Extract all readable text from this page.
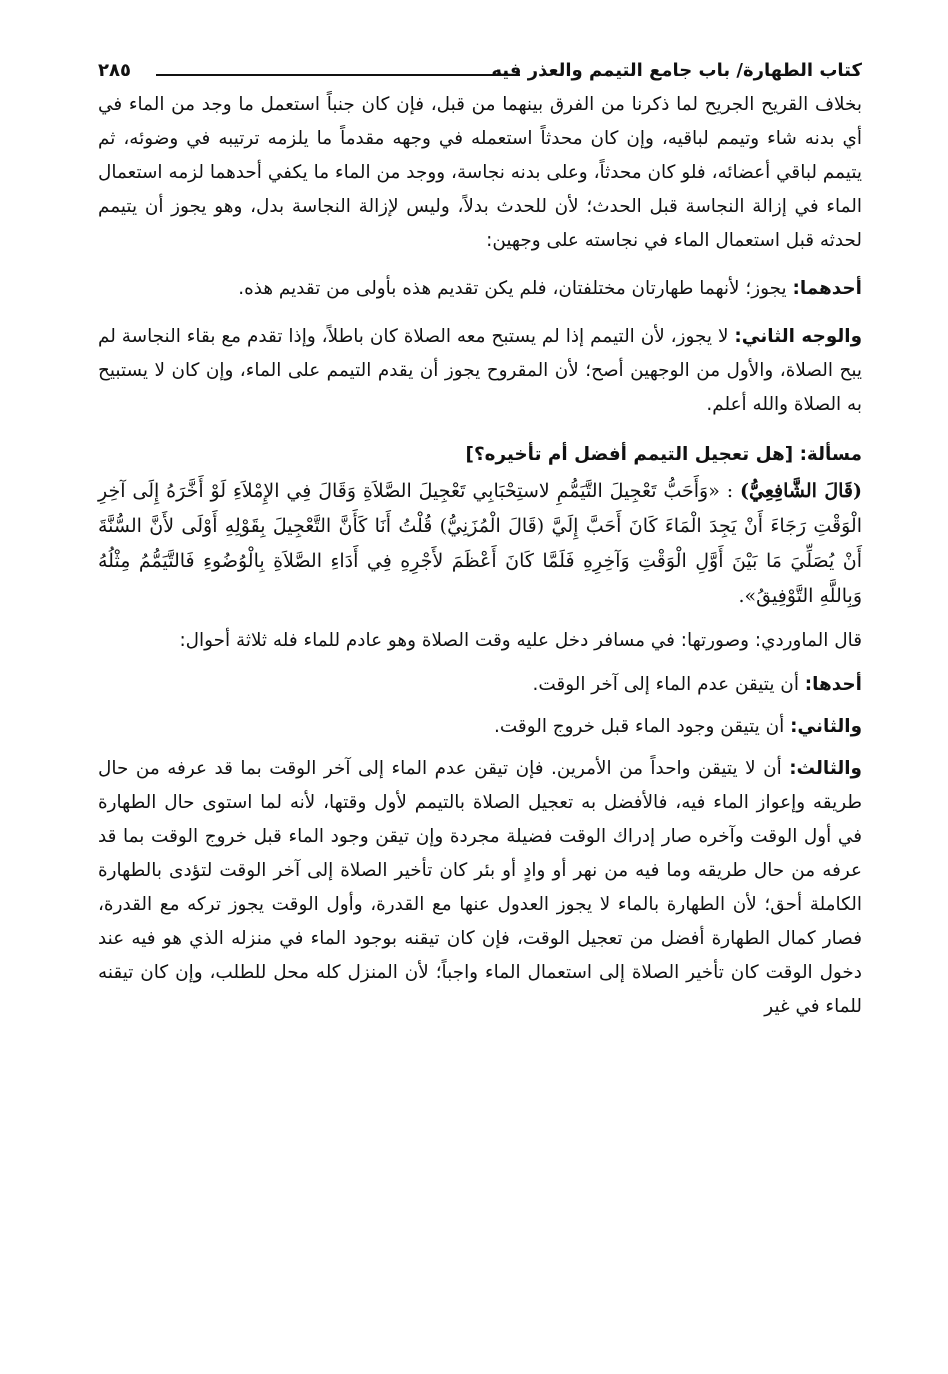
كتاب الطهارة/ باب جامع التيمم والعذر فيه
٢٨٥

بخلاف القريح الجريح لما ذكرنا من الفرق بينهما من قبل، فإن كان جنباً استعمل ما وجد من الماء في أي بدنه شاء وتيمم لباقيه، وإن كان محدثاً استعمله في وجهه مقدماً ما يلزمه ترتيبه في وضوئه، ثم يتيمم لباقي أعضائه، فلو كان محدثاً، وعلى بدنه نجاسة، ووجد من الماء ما يكفي أحدهما لزمه استعمال الماء في إزالة النجاسة قبل الحدث؛ لأن للحدث بدلاً، وليس لإزالة النجاسة بدل، وهو يجوز أن يتيمم لحدثه قبل استعمال الماء في نجاسته على وجهين:

أحدهما: يجوز؛ لأنهما طهارتان مختلفتان، فلم يكن تقديم هذه بأولى من تقديم هذه.

والوجه الثاني: لا يجوز، لأن التيمم إذا لم يستبح معه الصلاة كان باطلاً، وإذا تقدم مع بقاء النجاسة لم يبح الصلاة، والأول من الوجهين أصح؛ لأن المقروح يجوز أن يقدم التيمم على الماء، وإن كان لا يستبيح به الصلاة والله أعلم.

مسألة: [هل تعجيل التيمم أفضل أم تأخيره؟]

(قَالَ الشَّافِعِيُّ) : «وَأَحَبُّ تَعْجِيلَ التَّيَمُّمِ لاستِحْبَابِي تَعْجِيلَ الصَّلاَةِ وَقَالَ فِي الإِمْلاَءِ لَوْ أَخَّرَهُ إِلَى آخِرِ الْوَقْتِ رَجَاءَ أَنْ يَجِدَ الْمَاءَ كَانَ أَحَبَّ إِلَيَّ (قَالَ الْمُزَنِيُّ) قُلْتُ أَنَا كَأَنَّ التَّعْجِيلَ بِقَوْلِهِ أَوْلَى لأَنَّ السُّنَّةَ أَنْ يُصَلِّيَ مَا بَيْنَ أَوَّلِ الْوَقْتِ وَآخِرِهِ فَلَمَّا كَانَ أَعْظَمَ لأَجْرِهِ فِي أَدَاءِ الصَّلاَةِ بِالْوُضُوءِ فَالتَّيَمُّمُ مِثْلُهُ وَبِاللَّهِ التَّوْفِيقُ».

قال الماوردي: وصورتها: في مسافر دخل عليه وقت الصلاة وهو عادم للماء فله ثلاثة أحوال:

أحدها: أن يتيقن عدم الماء إلى آخر الوقت.

والثاني: أن يتيقن وجود الماء قبل خروج الوقت.

والثالث: أن لا يتيقن واحداً من الأمرين. فإن تيقن عدم الماء إلى آخر الوقت بما قد عرفه من حال طريقه وإعواز الماء فيه، فالأفضل به تعجيل الصلاة بالتيمم لأول وقتها، لأنه لما استوى حال الطهارة في أول الوقت وآخره صار إدراك الوقت فضيلة مجردة وإن تيقن وجود الماء قبل خروج الوقت بما قد عرفه من حال طريقه وما فيه من نهر أو وادٍ أو بئر كان تأخير الصلاة إلى آخر الوقت لتؤدى بالطهارة الكاملة أحق؛ لأن الطهارة بالماء لا يجوز العدول عنها مع القدرة، وأول الوقت يجوز تركه مع القدرة، فصار كمال الطهارة أفضل من تعجيل الوقت، فإن كان تيقنه بوجود الماء في منزله الذي هو فيه عند دخول الوقت كان تأخير الصلاة إلى استعمال الماء واجباً؛ لأن المنزل كله محل للطلب، وإن كان تيقنه للماء في غير
